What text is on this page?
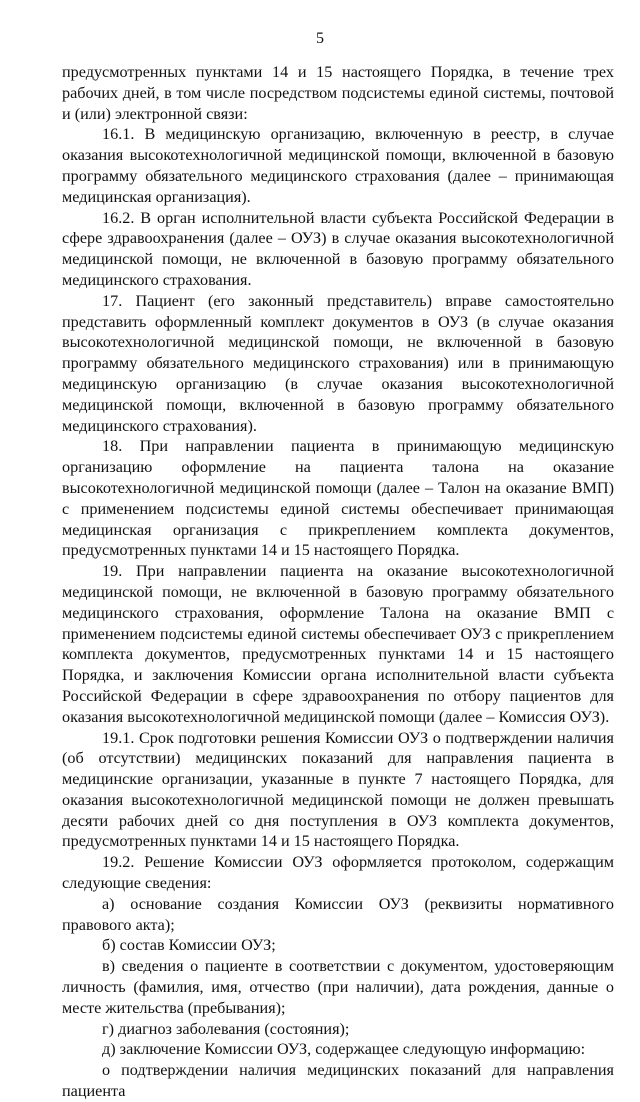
5

предусмотренных пунктами 14 и 15 настоящего Порядка, в течение трех рабочих дней, в том числе посредством подсистемы единой системы, почтовой и (или) электронной связи:

16.1. В медицинскую организацию, включенную в реестр, в случае оказания высокотехнологичной медицинской помощи, включенной в базовую программу обязательного медицинского страхования (далее – принимающая медицинская организация).

16.2. В орган исполнительной власти субъекта Российской Федерации в сфере здравоохранения (далее – ОУЗ) в случае оказания высокотехнологичной медицинской помощи, не включенной в базовую программу обязательного медицинского страхования.

17. Пациент (его законный представитель) вправе самостоятельно представить оформленный комплект документов в ОУЗ (в случае оказания высокотехнологичной медицинской помощи, не включенной в базовую программу обязательного медицинского страхования) или в принимающую медицинскую организацию (в случае оказания высокотехнологичной медицинской помощи, включенной в базовую программу обязательного медицинского страхования).

18. При направлении пациента в принимающую медицинскую организацию оформление на пациента талона на оказание высокотехнологичной медицинской помощи (далее – Талон на оказание ВМП) с применением подсистемы единой системы обеспечивает принимающая медицинская организация с прикреплением комплекта документов, предусмотренных пунктами 14 и 15 настоящего Порядка.

19. При направлении пациента на оказание высокотехнологичной медицинской помощи, не включенной в базовую программу обязательного медицинского страхования, оформление Талона на оказание ВМП с применением подсистемы единой системы обеспечивает ОУЗ с прикреплением комплекта документов, предусмотренных пунктами 14 и 15 настоящего Порядка, и заключения Комиссии органа исполнительной власти субъекта Российской Федерации в сфере здравоохранения по отбору пациентов для оказания высокотехнологичной медицинской помощи (далее – Комиссия ОУЗ).

19.1. Срок подготовки решения Комиссии ОУЗ о подтверждении наличия (об отсутствии) медицинских показаний для направления пациента в медицинские организации, указанные в пункте 7 настоящего Порядка, для оказания высокотехнологичной медицинской помощи не должен превышать десяти рабочих дней со дня поступления в ОУЗ комплекта документов, предусмотренных пунктами 14 и 15 настоящего Порядка.

19.2. Решение Комиссии ОУЗ оформляется протоколом, содержащим следующие сведения:

а) основание создания Комиссии ОУЗ (реквизиты нормативного правового акта);

б) состав Комиссии ОУЗ;

в) сведения о пациенте в соответствии с документом, удостоверяющим личность (фамилия, имя, отчество (при наличии), дата рождения, данные о месте жительства (пребывания);

г) диагноз заболевания (состояния);

д) заключение Комиссии ОУЗ, содержащее следующую информацию:

о подтверждении наличия медицинских показаний для направления пациента
